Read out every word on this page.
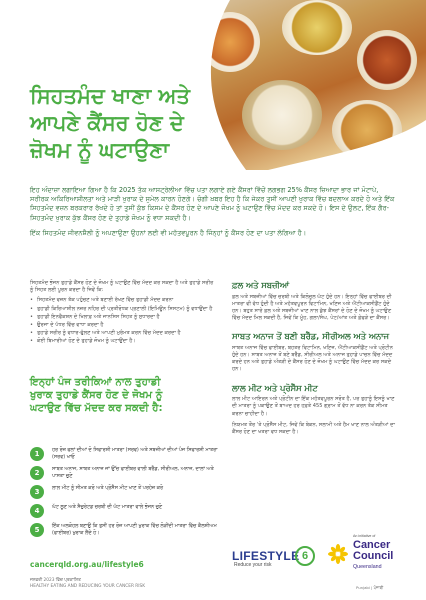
ਸਿਹਤਮੰਦ ਖਾਣਾ ਅਤੇ
ਆਪਣੇ ਕੈਂਸਰ ਹੋਣ ਦੇ
ਜ਼ੋਖਮ ਨੂੰ ਘਟਾਉਣਾ

ਇਹ ਅੰਦਾਜ਼ਾ ਲਗਾਇਆ ਗਿਆ ਹੈ ਕਿ 2025 ਤੱਕ ਆਸਟ੍ਰੇਲੀਆ ਵਿੱਚ ਪਤਾ ਲਗਾਏ ਗਏ ਕੈਂਸਰਾਂ ਵਿੱਚੋਂ ਲਗਭਗ 25% ਕੈਂਸਰ ਜ਼ਿਆਦਾ ਭਾਰ ਜਾਂ ਮੋਟਾਪੇ, ਸਰੀਰਕ ਅਕਿਰਿਆਸ਼ੀਲਤਾ ਅਤੇ ਮਾੜੀ ਖੁਰਾਕ ਦੇ ਸੁਮੇਲ ਕਾਰਨ ਹੋਣਗੇ। ਚੰਗੀ ਖ਼ਬਰ ਇਹ ਹੈ ਕਿ ਜੇਕਰ ਤੁਸੀਂ ਆਪਣੀ ਖੁਰਾਕ ਵਿੱਚ ਬਦਲਾਅ ਕਰਦੇ ਹੋ ਅਤੇ ਇੱਕ ਸਿਹਤਮੰਦ ਵਜ਼ਨ ਬਰਕਰਾਰ ਰੱਖਦੇ ਹੋ ਤਾਂ ਤੁਸੀਂ ਕੁੱਝ ਕਿਸਮ ਦੇ ਕੈਂਸਰ ਹੋਣ ਦੇ ਆਪਣੇ ਜੋਖਮ ਨੂੰ ਘਟਾਉਣ ਵਿੱਚ ਮੱਦਦ ਕਰ ਸਕਦੇ ਹੋ। ਇਸ ਦੇ ਉਲਟ, ਇੱਕ ਗੈਰ-ਸਿਹਤਮੰਦ ਖੁਰਾਕ ਕੁੱਝ ਕੈਂਸਰ ਹੋਣ ਦੇ ਤੁਹਾਡੇ ਜੋਖਮ ਨੂੰ ਵਧਾ ਸਕਦੀ ਹੈ।

ਇੱਕ ਸਿਹਤਮੰਦ ਜੀਵਨਸ਼ੈਲੀ ਨੂੰ ਅਪਣਾਉਣਾ ਉਹਨਾਂ ਲਈ ਵੀ ਮਹੱਤਵਪੂਰਨ ਹੈ ਜਿੰਨ੍ਹਾਂ ਨੂੰ ਕੈਂਸਰ ਹੋਣ ਦਾ ਪਤਾ ਲੱਗਿਆ ਹੈ।

ਸਿਹਤਮੰਦ ਭੋਜਨ ਤੁਹਾਡੇ ਕੈਂਸਰ ਹੋਣ ਦੇ ਜੋਖਮ ਨੂੰ ਘਟਾਉਣ ਵਿੱਚ ਮੱਦਦ ਕਰ ਸਕਦਾ ਹੈ ਅਤੇ ਤੁਹਾਡੇ ਸਰੀਰ ਨੂੰ ਸਿਹਤ ਲਈ ਪੂਰਨ ਕਰਦਾ ਹੈ ਜਿਵੇਂ ਕਿ:

• ਸਿਹਤਮੰਦ ਵਜ਼ਨ ਤੱਕ ਪਹੁੰਚਣ ਅਤੇ ਬਣਾਈ ਰੱਖਣ ਵਿੱਚ ਤੁਹਾਡੀ ਮੱਦਦ ਕਰਨਾ
• ਤੁਹਾਡੀ ਕਿਰਿਆਸ਼ੀਲ ਨਜ਼ਰ ਨਹਿਰ ਦੀ ਪ੍ਰਤੀਰੋਧਕ ਪ੍ਰਣਾਲੀ (ਇਮਿਊਨ ਸਿਸਟਮ) ਨੂੰ ਵਧਾਉਂਦਾ ਹੈ
• ਤੁਹਾਡੀ ਇਨਫੈਕਸ਼ਨ ਦੇ ਖਿਲਾਫ਼ ਅਤੇ ਜਾਨਸਿਸ ਸਿਹਤ ਨੂੰ ਸੁਧਾਰਦਾ ਹੈ
• ਉਰਜਾ ਦੇ ਪੱਧਰ ਵਿੱਚ ਵਾਧਾ ਕਰਦਾ ਹੈ
• ਤੁਹਾਡੇ ਸਰੀਰ ਨੂੰ ਵਧਾਰ-ਫੁੱਲਣ ਅਤੇ ਆਪਣੀ ਮੁਰੰਮਤ ਕਰਨ ਵਿੱਚ ਮੱਦਦ ਕਰਦਾ ਹੈ
• ਕੋਈ ਬਿਮਾਰੀਆਂ ਹੋਣ ਦੇ ਤੁਹਾਡੇ ਜੋਖਮ ਨੂੰ ਘਟਾਉਂਦਾ ਹੈ।
ਇਨ੍ਹਾਂ ਪੰਜ ਤਰੀਕਿਆਂ ਨਾਲ ਤੁਹਾਡੀ
ਖੁਰਾਕ ਤੁਹਾਡੇ ਕੈਂਸਰ ਹੋਣ ਦੇ ਜੋਖਮ ਨੂੰ
ਘਟਾਉਣ ਵਿੱਚ ਮੱਦਦ ਕਰ ਸਕਦੀ ਹੈ:
1	ਹਰ ਰੋਜ਼ ਫਲਾਂ ਦੀਆਂ ਦੋ ਸਿਫਾਰਸ਼ੀ ਮਾਤਰਾ (ਸਰਵ) ਅਤੇ ਸਬਜ਼ੀਆਂ ਦੀਆਂ ਪੰਜ ਸਿਫਾਰਸ਼ੀ ਮਾਤਰਾ (ਸਰਵ) ਖਾਓ
2	ਸਾਬਤ ਅਨਾਜ, ਸਾਬਤ ਅਨਾਜ ਜਾਂ ਉੱਚ ਫਾਈਬਰ ਵਾਲੀ ਬਰੈੱਡ, ਸੀਰੀਅਲ, ਅਨਾਜ, ਦਾਲਾਂ ਅਤੇ ਪਾਸਤਾ ਚੁਣੋ
3	ਲਾਲ ਮੀਟ ਨੂੰ ਸੀਮਤ ਕਰੋ ਅਤੇ ਪ੍ਰੋਸੈੱਸ ਮੀਟ ਖਾਣ ਤੋਂ ਪਰਹੇਜ਼ ਕਰੋ
4	ਘੱਟ ਲੂਣ ਅਤੇ ਸੈਚੁਰੇਟਡ ਚਰਬੀ ਦੀ ਘੱਟ ਮਾਤਰਾ ਵਾਲੇ ਭੋਜਨ ਚੁਣੋ
5	ਇੱਕ ਅਲਕੋਹਲ ਬਣਾਉ ਕਿ ਤੁਸੀਂ ਹਰ ਰੋਜ਼ ਆਪਣੀ ਖੁਰਾਕ ਵਿੱਚ ਲੋੜੀਂਦੀ ਮਾਤਰਾ ਵਿੱਚ ਕੈਲਸ਼ੀਅਮ (ਫਾਈਬਰ) ਖੁਰਾਕ ਲੈਂਦੇ ਹੋ।
ਫ਼ਲ ਅਤੇ ਸਬਜ਼ੀਆਂ

ਫ਼ਲ ਅਤੇ ਸਬਜ਼ੀਆਂ ਵਿੱਚ ਚਰਬੀ ਅਤੇ ਕਿਲੋਜੂਲ ਘੱਟ ਹੁੰਦੇ ਹਨ। ਇਨ੍ਹਾਂ ਵਿੱਚ ਫਾਈਬਰ ਦੀ ਮਾਤਰਾ ਵੀ ਵੱਧ ਹੁੰਦੀ ਹੈ ਅਤੇ ਮਹੱਤਵਪੂਰਨ ਵਿਟਾਮਿਨ, ਖਣਿਜ ਅਤੇ ਐਂਟੀਆਕਸੀਡੈਂਟ ਹੁੰਦੇ ਹਨ। ਬਹੁਤ ਸਾਰੇ ਫ਼ਲ ਅਤੇ ਸਬਜ਼ੀਆਂ ਖਾਣ ਨਾਲ ਕੁੱਝ ਕੈਂਸਰਾਂ ਦੇ ਹੋਣ ਦੇ ਜੋਖਮ ਨੂੰ ਘਟਾਉਣ ਵਿੱਚ ਮੱਦਦ ਮਿਲ ਸਕਦੀ ਹੈ, ਜਿਵੇਂ ਕਿ ਮੂੰਹ, ਗਲਾ/ਸੰਘ, ਪੇਟ/ਆਂਤ ਅਤੇ ਫ਼ੇਫੜੇ ਦਾ ਕੈਂਸਰ।

ਸਾਬਤ ਅਨਾਜ ਤੋਂ ਬਣੀ ਬਰੈੱਡ, ਸੀਰੀਅਲ ਅਤੇ ਅਨਾਜ

ਸਾਬਤ ਅਨਾਜ ਵਿੱਚ ਫਾਈਬਰ, ਬਹਤਰ ਵਿਟਾਮਿਨ, ਖਣਿਜ, ਐਂਟੀਆਕਸੀਡੈਂਟ ਅਤੇ ਪ੍ਰੋਟੀਨ ਹੁੰਦੇ ਹਨ। ਸਾਬਤ ਅਨਾਜ ਤੋਂ ਬਣੇ ਬਰੈੱਡ, ਸੀਰੀਅਲ ਅਤੇ ਅਨਾਜ ਤੁਹਾਡੇ ਪਾਚਨ ਵਿੱਚ ਮੱਦਦ ਕਰਦੇ ਹਨ ਅਤੇ ਤੁਹਾਡੇ ਅੰਤੜੀ ਦੇ ਕੈਂਸਰ ਹੋਣ ਦੇ ਜੋਖਮ ਨੂੰ ਘਟਾਉਣ ਵਿੱਚ ਮੱਦਦ ਕਰ ਸਕਦੇ ਹਨ।

ਲਾਲ ਮੀਟ ਅਤੇ ਪ੍ਰੋਸੈੱਸ ਮੀਟ

ਲਾਲ ਮੀਟ ਆਇਰਨ ਅਤੇ ਪ੍ਰੋਟੀਨ ਦਾ ਇੱਕ ਮਹੱਤਵਪੂਰਨ ਸਰੋਤ ਹੈ, ਪਰ ਤੁਹਾਨੂੰ ਇਸਨੂੰ ਖਾਣ ਦੀ ਮਾਤਰਾ ਨੂੰ ਪਕਾਉਣ ਤੋਂ ਬਾਅਦ ਹਰ ਹਫ਼ਤੇ 455 ਗ੍ਰਾਮ ਤੋਂ ਵੱਧ ਨਾ ਕਰਨ ਤੱਕ ਸੀਮਤ ਕਰਨਾ ਚਾਹੀਦਾ ਹੈ।

ਨਿਯਮਤ ਤੌਰ 'ਤੇ ਪ੍ਰੋਸੈੱਸ ਮੀਟ, ਜਿਵੇਂ ਕਿ ਬੇਕਨ, ਸਲਾਮੀ ਅਤੇ ਹੈਮ ਖਾਣ ਨਾਲ ਅੰਤੜੀਆਂ ਦਾ ਕੈਂਸਰ ਹੋਣ ਦਾ ਖਤਰਾ ਵਧ ਸਕਦਾ ਹੈ।

cancerqld.org.au/lifestyle6
ਜਨਵਰੀ 2023 ਵਿੱਚ ਪ੍ਰਕਾਸ਼ਿਤ
HEALTHY EATING AND REDUCING YOUR CANCER RISK
LIFESTYLE 6
Reduce your risk
An initiative of
Cancer
Council
Queensland
Punjabi | ਪੰਜਾਬੀ
